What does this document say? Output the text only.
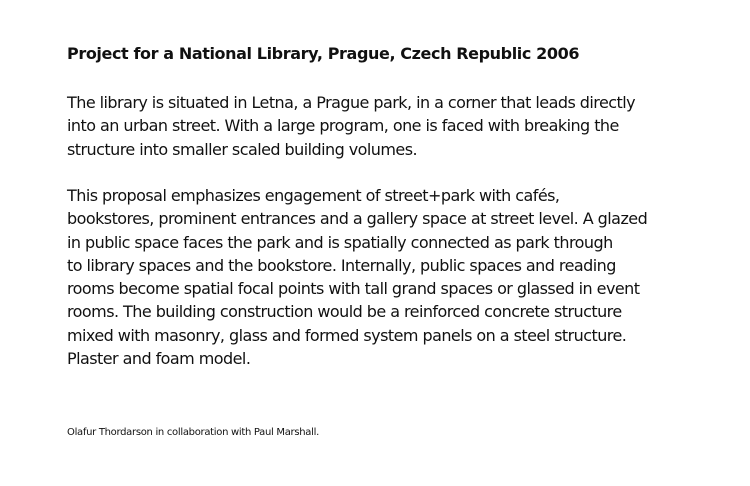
Project for a National Library, Prague, Czech Republic 2006
The library is situated in Letna, a Prague park, in a corner that leads directly
into an urban street. With a large program, one is faced with breaking the
structure into smaller scaled building volumes.
This proposal emphasizes engagement of street+park with cafés,
bookstores, prominent entrances and a gallery space at street level. A glazed
in public space faces the park and is spatially connected as park through
to library spaces and the bookstore. Internally, public spaces and reading
rooms become spatial focal points with tall grand spaces or glassed in event
rooms. The building construction would be a reinforced concrete structure
mixed with masonry, glass and formed system panels on a steel structure.
Plaster and foam model.
Olafur Thordarson in collaboration with Paul Marshall.
